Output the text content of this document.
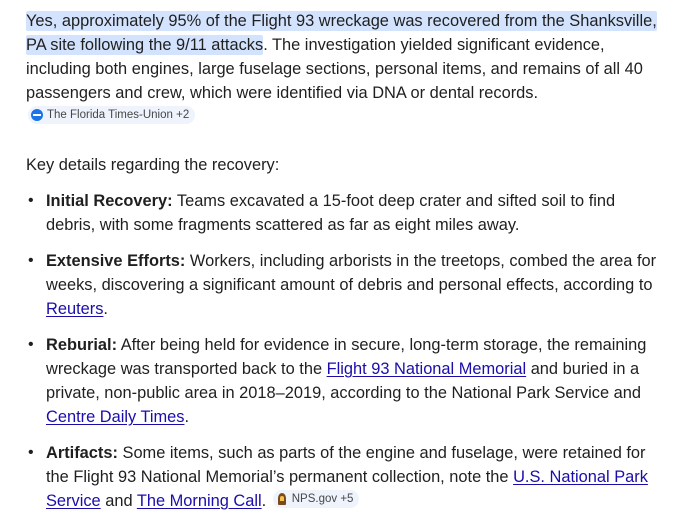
Yes, approximately 95% of the Flight 93 wreckage was recovered from the Shanksville, PA site following the 9/11 attacks. The investigation yielded significant evidence, including both engines, large fuselage sections, personal items, and remains of all 40 passengers and crew, which were identified via DNA or dental records.
The Florida Times-Union +2

Key details regarding the recovery:

• Initial Recovery: Teams excavated a 15-foot deep crater and sifted soil to find debris, with some fragments scattered as far as eight miles away.
• Extensive Efforts: Workers, including arborists in the treetops, combed the area for weeks, discovering a significant amount of debris and personal effects, according to Reuters.
• Reburial: After being held for evidence in secure, long-term storage, the remaining wreckage was transported back to the Flight 93 National Memorial and buried in a private, non-public area in 2018–2019, according to the National Park Service and Centre Daily Times.
• Artifacts: Some items, such as parts of the engine and fuselage, were retained for the Flight 93 National Memorial’s permanent collection, note the U.S. National Park Service and The Morning Call. NPS.gov +5
